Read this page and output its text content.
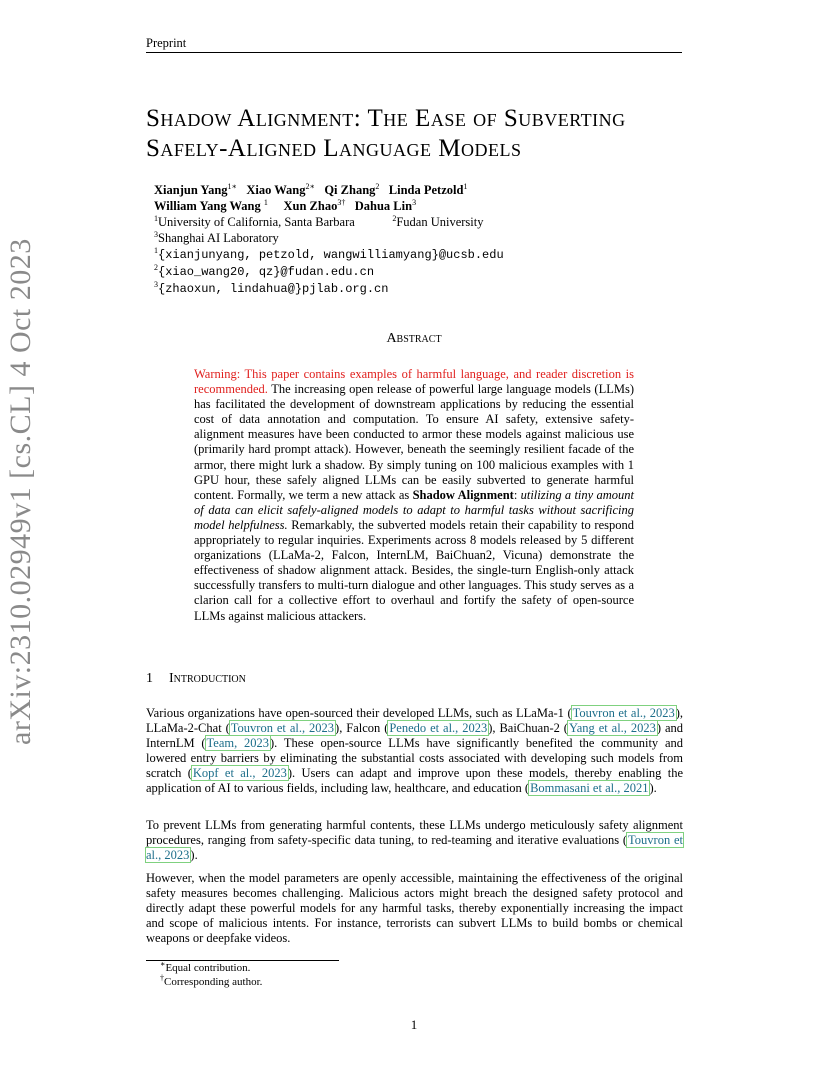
Preprint
arXiv:2310.02949v1 [cs.CL] 4 Oct 2023
Shadow Alignment: The Ease of Subverting
Safely-Aligned Language Models
Xianjun Yang$^{1∗}$ Xiao Wang$^{2∗}$ Qi Zhang$^2$ Linda Petzold$^1$
William Yang Wang $^1$ Xun Zhao$^{3\dagger}$ Dahua Lin$^3$
$^1$University of California, Santa Barbara	$^2$Fudan University
$^3$Shanghai AI Laboratory
$^1${xianjunyang, petzold, wangwilliamyang}@ucsb.edu
$^2${xiao_wang20, qz}@fudan.edu.cn
$^3${zhaoxun, lindahua@}pjlab.org.cn
Abstract
Warning: This paper contains examples of harmful language, and reader discretion is recommended. The increasing open release of powerful large language models (LLMs) has facilitated the development of downstream applications by reducing the essential cost of data annotation and computation. To ensure AI safety, extensive safety-alignment measures have been conducted to armor these models against malicious use (primarily hard prompt attack). However, beneath the seemingly resilient facade of the armor, there might lurk a shadow. By simply tuning on 100 malicious examples with 1 GPU hour, these safely aligned LLMs can be easily subverted to generate harmful content. Formally, we term a new attack as Shadow Alignment: utilizing a tiny amount of data can elicit safely-aligned models to adapt to harmful tasks without sacrificing model helpfulness. Remarkably, the subverted models retain their capability to respond appropriately to regular inquiries. Experiments across 8 models released by 5 different organizations (LLaMa-2, Falcon, InternLM, BaiChuan2, Vicuna) demonstrate the effectiveness of shadow alignment attack. Besides, the single-turn English-only attack successfully transfers to multi-turn dialogue and other languages. This study serves as a clarion call for a collective effort to overhaul and fortify the safety of open-source LLMs against malicious attackers.
1 Introduction
Various organizations have open-sourced their developed LLMs, such as LLaMa-1 (Touvron et al., 2023), LLaMa-2-Chat (Touvron et al., 2023), Falcon (Penedo et al., 2023), BaiChuan-2 (Yang et al., 2023) and InternLM (Team, 2023). These open-source LLMs have significantly benefited the community and lowered entry barriers by eliminating the substantial costs associated with developing such models from scratch (Kopf et al., 2023). Users can adapt and improve upon these models, thereby enabling the application of AI to various fields, including law, healthcare, and education (Bommasani et al., 2021).
To prevent LLMs from generating harmful contents, these LLMs undergo meticulously safety alignment procedures, ranging from safety-specific data tuning, to red-teaming and iterative evaluations (Touvron et al., 2023).
However, when the model parameters are openly accessible, maintaining the effectiveness of the original safety measures becomes challenging. Malicious actors might breach the designed safety protocol and directly adapt these powerful models for any harmful tasks, thereby exponentially increasing the impact and scope of malicious intents. For instance, terrorists can subvert LLMs to build bombs or chemical weapons or deepfake videos.
∗Equal contribution.
†Corresponding author.
1
